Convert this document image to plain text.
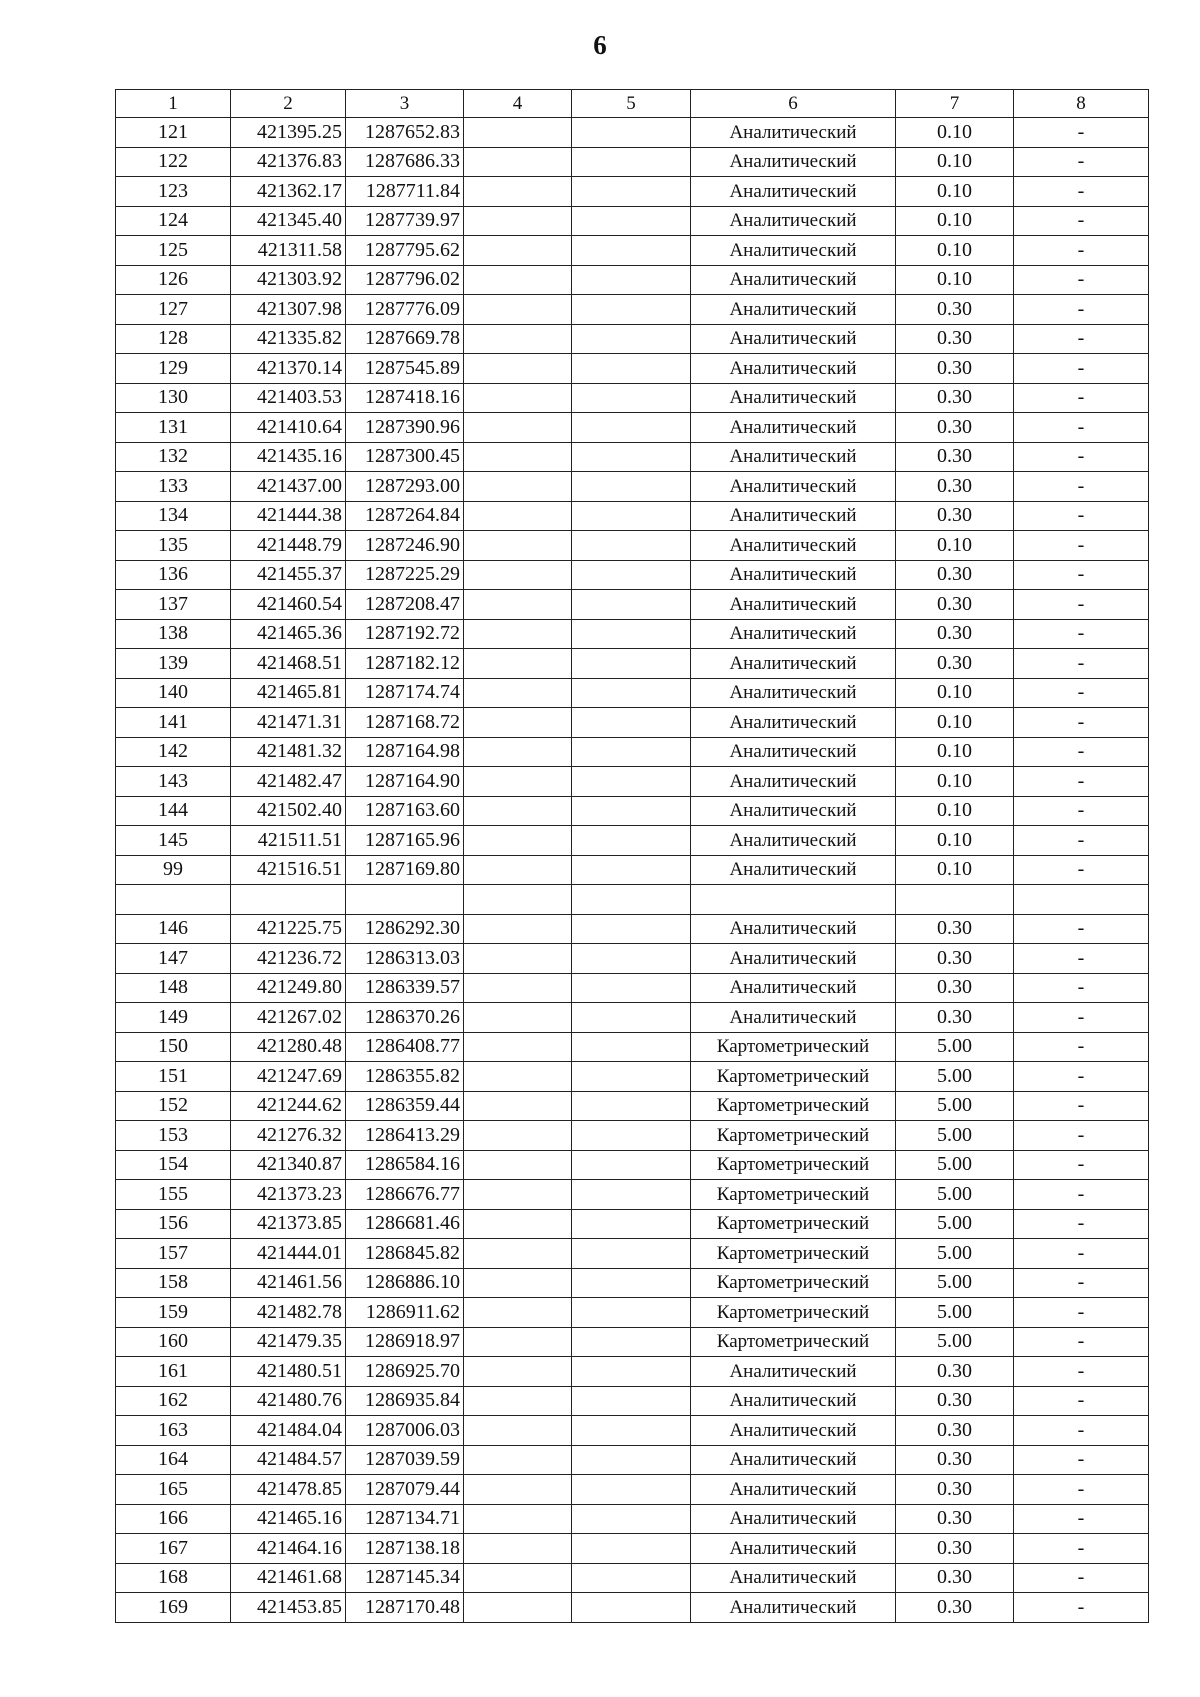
6
1	2	3	4	5	6	7	8
121	421395.25	1287652.83			Аналитический	0.10	-
122	421376.83	1287686.33			Аналитический	0.10	-
123	421362.17	1287711.84			Аналитический	0.10	-
124	421345.40	1287739.97			Аналитический	0.10	-
125	421311.58	1287795.62			Аналитический	0.10	-
126	421303.92	1287796.02			Аналитический	0.10	-
127	421307.98	1287776.09			Аналитический	0.30	-
128	421335.82	1287669.78			Аналитический	0.30	-
129	421370.14	1287545.89			Аналитический	0.30	-
130	421403.53	1287418.16			Аналитический	0.30	-
131	421410.64	1287390.96			Аналитический	0.30	-
132	421435.16	1287300.45			Аналитический	0.30	-
133	421437.00	1287293.00			Аналитический	0.30	-
134	421444.38	1287264.84			Аналитический	0.30	-
135	421448.79	1287246.90			Аналитический	0.10	-
136	421455.37	1287225.29			Аналитический	0.30	-
137	421460.54	1287208.47			Аналитический	0.30	-
138	421465.36	1287192.72			Аналитический	0.30	-
139	421468.51	1287182.12			Аналитический	0.30	-
140	421465.81	1287174.74			Аналитический	0.10	-
141	421471.31	1287168.72			Аналитический	0.10	-
142	421481.32	1287164.98			Аналитический	0.10	-
143	421482.47	1287164.90			Аналитический	0.10	-
144	421502.40	1287163.60			Аналитический	0.10	-
145	421511.51	1287165.96			Аналитический	0.10	-
99	421516.51	1287169.80			Аналитический	0.10	-

146	421225.75	1286292.30			Аналитический	0.30	-
147	421236.72	1286313.03			Аналитический	0.30	-
148	421249.80	1286339.57			Аналитический	0.30	-
149	421267.02	1286370.26			Аналитический	0.30	-
150	421280.48	1286408.77			Картометрический	5.00	-
151	421247.69	1286355.82			Картометрический	5.00	-
152	421244.62	1286359.44			Картометрический	5.00	-
153	421276.32	1286413.29			Картометрический	5.00	-
154	421340.87	1286584.16			Картометрический	5.00	-
155	421373.23	1286676.77			Картометрический	5.00	-
156	421373.85	1286681.46			Картометрический	5.00	-
157	421444.01	1286845.82			Картометрический	5.00	-
158	421461.56	1286886.10			Картометрический	5.00	-
159	421482.78	1286911.62			Картометрический	5.00	-
160	421479.35	1286918.97			Картометрический	5.00	-
161	421480.51	1286925.70			Аналитический	0.30	-
162	421480.76	1286935.84			Аналитический	0.30	-
163	421484.04	1287006.03			Аналитический	0.30	-
164	421484.57	1287039.59			Аналитический	0.30	-
165	421478.85	1287079.44			Аналитический	0.30	-
166	421465.16	1287134.71			Аналитический	0.30	-
167	421464.16	1287138.18			Аналитический	0.30	-
168	421461.68	1287145.34			Аналитический	0.30	-
169	421453.85	1287170.48			Аналитический	0.30	-
